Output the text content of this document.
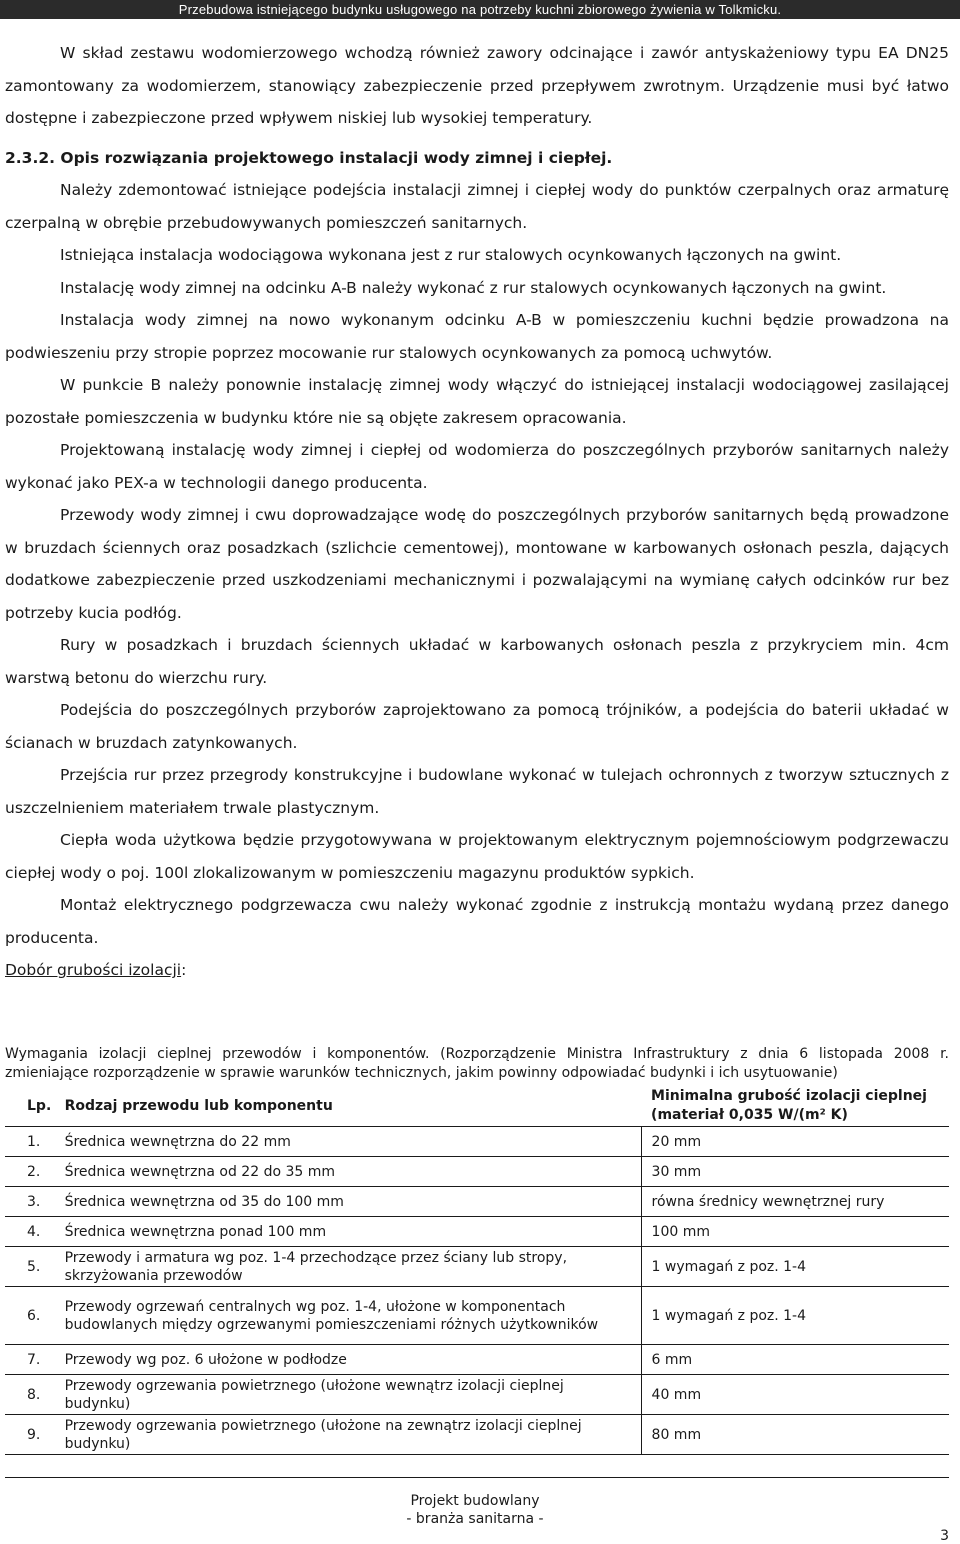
Przebudowa istniejącego budynku usługowego na potrzeby kuchni zbiorowego żywienia w Tolkmicku.

W skład zestawu wodomierzowego wchodzą również zawory odcinające i zawór antyskażeniowy typu EA DN25 zamontowany za wodomierzem, stanowiący zabezpieczenie przed przepływem zwrotnym. Urządzenie musi być łatwo dostępne i zabezpieczone przed wpływem niskiej lub wysokiej temperatury.

2.3.2. Opis rozwiązania projektowego instalacji wody zimnej i ciepłej.

Należy zdemontować istniejące podejścia instalacji zimnej i ciepłej wody do punktów czerpalnych oraz armaturę czerpalną w obrębie przebudowywanych pomieszczeń sanitarnych.

Istniejąca instalacja wodociągowa wykonana jest z rur stalowych ocynkowanych łączonych na gwint.

Instalację wody zimnej na odcinku A-B należy wykonać z rur stalowych ocynkowanych łączonych na gwint.

Instalacja wody zimnej na nowo wykonanym odcinku A-B w pomieszczeniu kuchni będzie prowadzona na podwieszeniu przy stropie poprzez mocowanie rur stalowych ocynkowanych za pomocą uchwytów.

W punkcie B należy ponownie instalację zimnej wody włączyć do istniejącej instalacji wodociągowej zasilającej pozostałe pomieszczenia w budynku które nie są objęte zakresem opracowania.

Projektowaną instalację wody zimnej i ciepłej od wodomierza do poszczególnych przyborów sanitarnych należy wykonać jako PEX-a w technologii danego producenta.

Przewody wody zimnej i cwu doprowadzające wodę do poszczególnych przyborów sanitarnych będą prowadzone w bruzdach ściennych oraz posadzkach (szlichcie cementowej), montowane w karbowanych osłonach peszla, dających dodatkowe zabezpieczenie przed uszkodzeniami mechanicznymi i pozwalającymi na wymianę całych odcinków rur bez potrzeby kucia podłóg.

Rury w posadzkach i bruzdach ściennych układać w karbowanych osłonach peszla z przykryciem min. 4cm warstwą betonu do wierzchu rury.

Podejścia do poszczególnych przyborów zaprojektowano za pomocą trójników, a podejścia do baterii układać w ścianach w bruzdach zatynkowanych.

Przejścia rur przez przegrody konstrukcyjne i budowlane wykonać w tulejach ochronnych z tworzyw sztucznych z uszczelnieniem materiałem trwale plastycznym.

Ciepła woda użytkowa będzie przygotowywana w projektowanym elektrycznym pojemnościowym podgrzewaczu ciepłej wody o poj. 100l zlokalizowanym w pomieszczeniu magazynu produktów sypkich.

Montaż elektrycznego podgrzewacza cwu należy wykonać zgodnie z instrukcją montażu wydaną przez danego producenta.

Dobór grubości izolacji:

Wymagania izolacji cieplnej przewodów i komponentów. (Rozporządzenie Ministra Infrastruktury z dnia 6 listopada 2008 r. zmieniające rozporządzenie w sprawie warunków technicznych, jakim powinny odpowiadać budynki i ich usytuowanie)

Lp.	Rodzaj przewodu lub komponentu	Minimalna grubość izolacji cieplnej
(materiał 0,035 W/(m² K)

1.	Średnica wewnętrzna do 22 mm	20 mm
2.	Średnica wewnętrzna od 22 do 35 mm	30 mm
3.	Średnica wewnętrzna od 35 do 100 mm	równa średnicy wewnętrznej rury
4.	Średnica wewnętrzna ponad 100 mm	100 mm
5.	Przewody i armatura wg poz. 1-4 przechodzące przez ściany lub stropy, skrzyżowania przewodów	1 wymagań z poz. 1-4
6.	Przewody ogrzewań centralnych wg poz. 1-4, ułożone w komponentach budowlanych między ogrzewanymi pomieszczeniami różnych użytkowników	1 wymagań z poz. 1-4
7.	Przewody wg poz. 6 ułożone w podłodze	6 mm
8.	Przewody ogrzewania powietrznego (ułożone wewnątrz izolacji cieplnej budynku)	40 mm
9.	Przewody ogrzewania powietrznego (ułożone na zewnątrz izolacji cieplnej budynku)	80 mm
Projekt budowlany
- branża sanitarna -
3
